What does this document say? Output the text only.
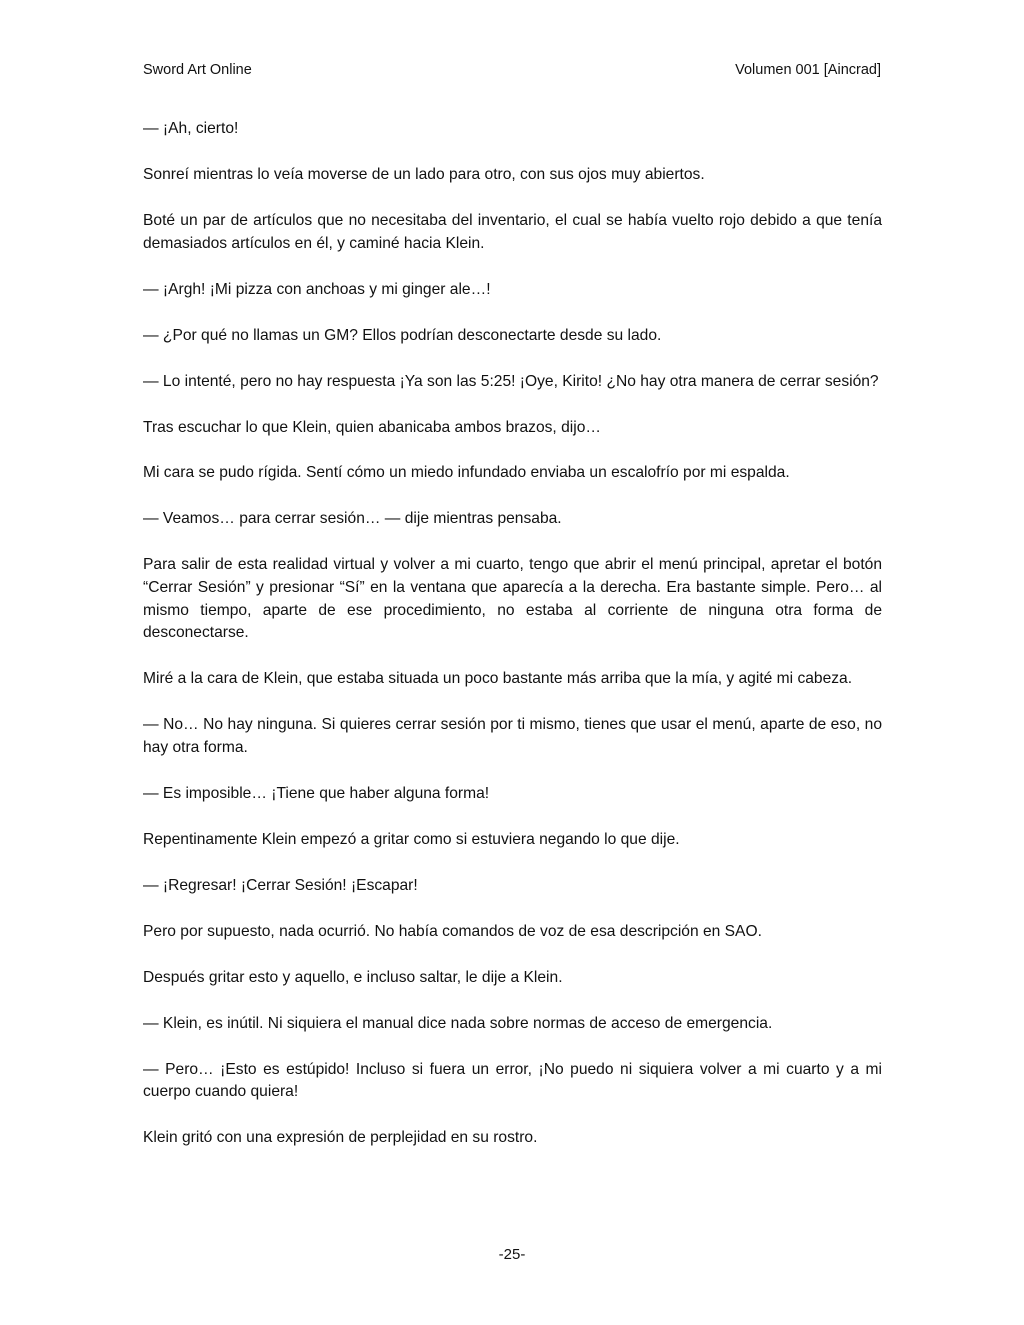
Sword Art Online	Volumen 001 [Aincrad]

— ¡Ah, cierto!

Sonreí mientras lo veía moverse de un lado para otro, con sus ojos muy abiertos.

Boté un par de artículos que no necesitaba del inventario, el cual se había vuelto rojo debido a que tenía demasiados artículos en él, y caminé hacia Klein.

— ¡Argh! ¡Mi pizza con anchoas y mi ginger ale…!

— ¿Por qué no llamas un GM? Ellos podrían desconectarte desde su lado.

— Lo intenté, pero no hay respuesta ¡Ya son las 5:25! ¡Oye, Kirito! ¿No hay otra manera de cerrar sesión?

Tras escuchar lo que Klein, quien abanicaba ambos brazos, dijo…

Mi cara se pudo rígida. Sentí cómo un miedo infundado enviaba un escalofrío por mi espalda.

— Veamos… para cerrar sesión… — dije mientras pensaba.

Para salir de esta realidad virtual y volver a mi cuarto, tengo que abrir el menú principal, apretar el botón “Cerrar Sesión” y presionar “Sí” en la ventana que aparecía a la derecha. Era bastante simple. Pero… al mismo tiempo, aparte de ese procedimiento, no estaba al corriente de ninguna otra forma de desconectarse.

Miré a la cara de Klein, que estaba situada un poco bastante más arriba que la mía, y agité mi cabeza.

— No… No hay ninguna. Si quieres cerrar sesión por ti mismo, tienes que usar el menú, aparte de eso, no hay otra forma.

— Es imposible… ¡Tiene que haber alguna forma!

Repentinamente Klein empezó a gritar como si estuviera negando lo que dije.

— ¡Regresar! ¡Cerrar Sesión! ¡Escapar!

Pero por supuesto, nada ocurrió. No había comandos de voz de esa descripción en SAO.

Después gritar esto y aquello, e incluso saltar, le dije a Klein.

— Klein, es inútil. Ni siquiera el manual dice nada sobre normas de acceso de emergencia.

— Pero… ¡Esto es estúpido! Incluso si fuera un error, ¡No puedo ni siquiera volver a mi cuarto y a mi cuerpo cuando quiera!

Klein gritó con una expresión de perplejidad en su rostro.

-25-
